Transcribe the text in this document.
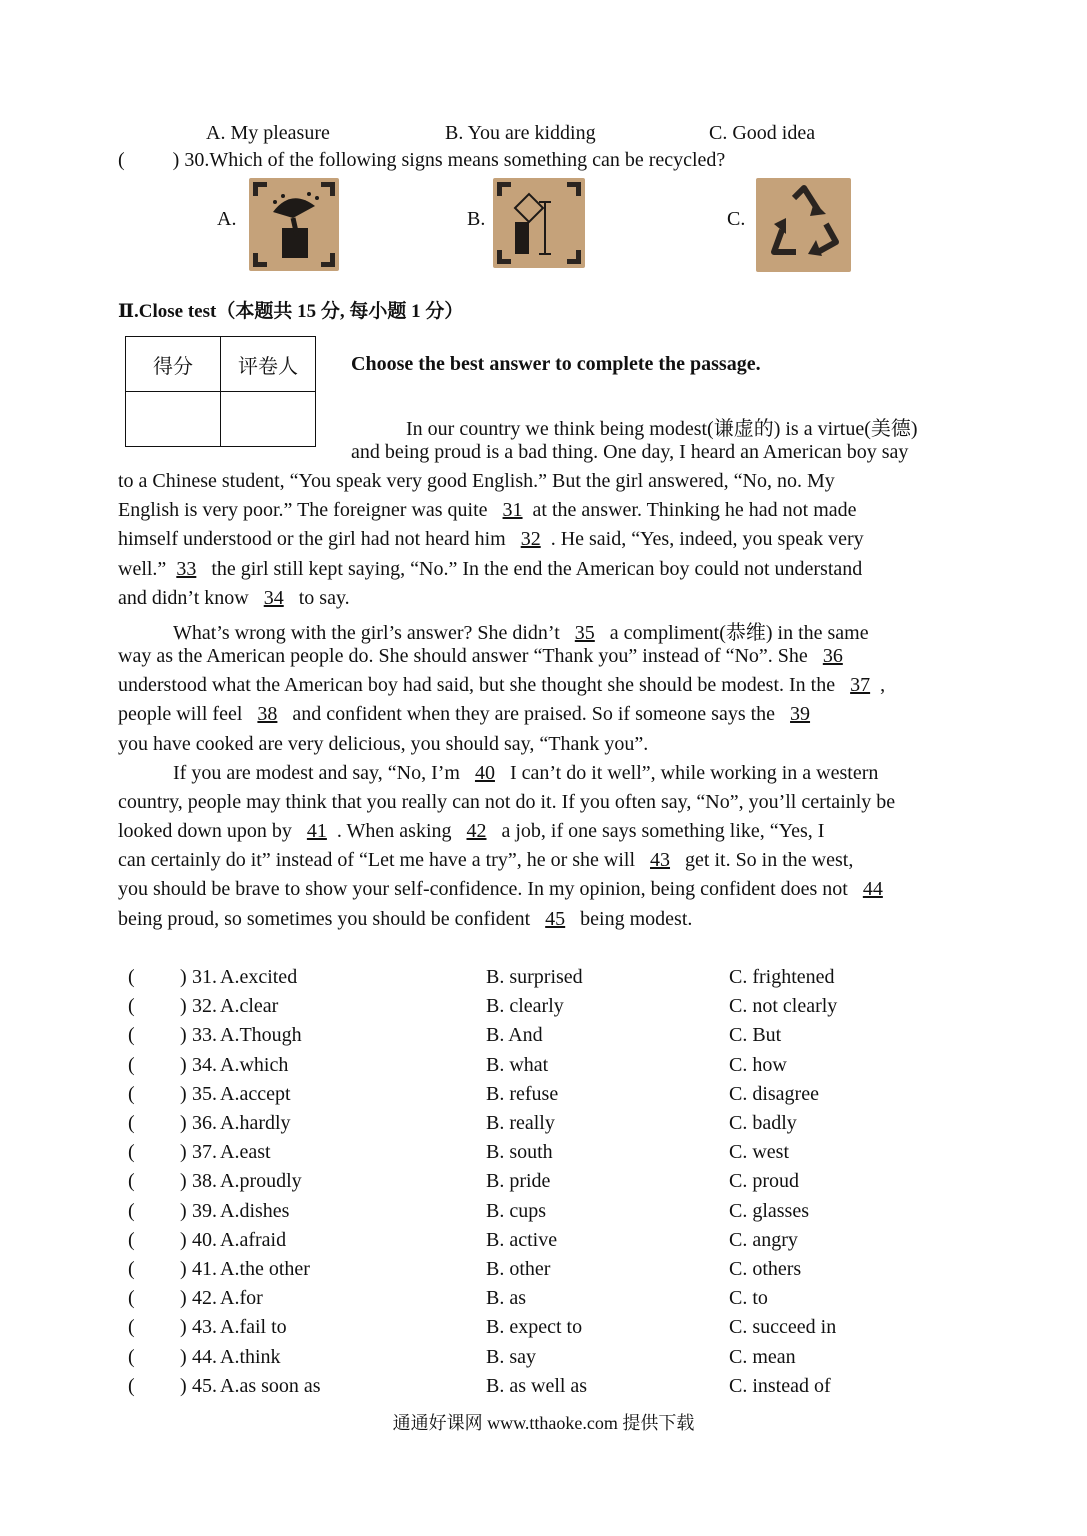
A. My pleasure	B. You are kidding	C. Good idea
( ) 30.Which of the following signs means something can be recycled?
A.	B.	C.
Ⅱ.Close test（本题共 15 分, 每小题 1 分）
得分	评卷人
		Choose the best answer to complete the passage.
In our country we think being modest(谦虚的) is a virtue(美德)
and being proud is a bad thing. One day, I heard an American boy say
to a Chinese student, “You speak very good English.” But the girl answered, “No, no. My
English is very poor.” The foreigner was quite 31 at the answer. Thinking he had not made
himself understood or the girl had not heard him 32 . He said, “Yes, indeed, you speak very
well.” 33 the girl still kept saying, “No.” In the end the American boy could not understand
and didn’t know 34 to say.
What’s wrong with the girl’s answer? She didn’t 35 a compliment(恭维) in the same
way as the American people do. She should answer “Thank you” instead of “No”. She 36
understood what the American boy had said, but she thought she should be modest. In the 37 ,
people will feel 38 and confident when they are praised. So if someone says the 39
you have cooked are very delicious, you should say, “Thank you”.
If you are modest and say, “No, I’m 40 I can’t do it well”, while working in a western
country, people may think that you really can not do it. If you often say, “No”, you’ll certainly be
looked down upon by 41 . When asking 42 a job, if one says something like, “Yes, I
can certainly do it” instead of “Let me have a try”, he or she will 43 get it. So in the west,
you should be brave to show your self-confidence. In my opinion, being confident does not 44
being proud, so sometimes you should be confident 45 being modest.
( ) 31. A.excited	B. surprised	C. frightened
( ) 32. A.clear	B. clearly	C. not clearly
( ) 33. A.Though	B. And	C. But
( ) 34. A.which	B. what	C. how
( ) 35. A.accept	B. refuse	C. disagree
( ) 36. A.hardly	B. really	C. badly
( ) 37. A.east	B. south	C. west
( ) 38. A.proudly	B. pride	C. proud
( ) 39. A.dishes	B. cups	C. glasses
( ) 40. A.afraid	B. active	C. angry
( ) 41. A.the other	B. other	C. others
( ) 42. A.for	B. as	C. to
( ) 43. A.fail to	B. expect to	C. succeed in
( ) 44. A.think	B. say	C. mean
( ) 45. A.as soon as	B. as well as	C. instead of
通通好课网 www.tthaoke.com 提供下载
